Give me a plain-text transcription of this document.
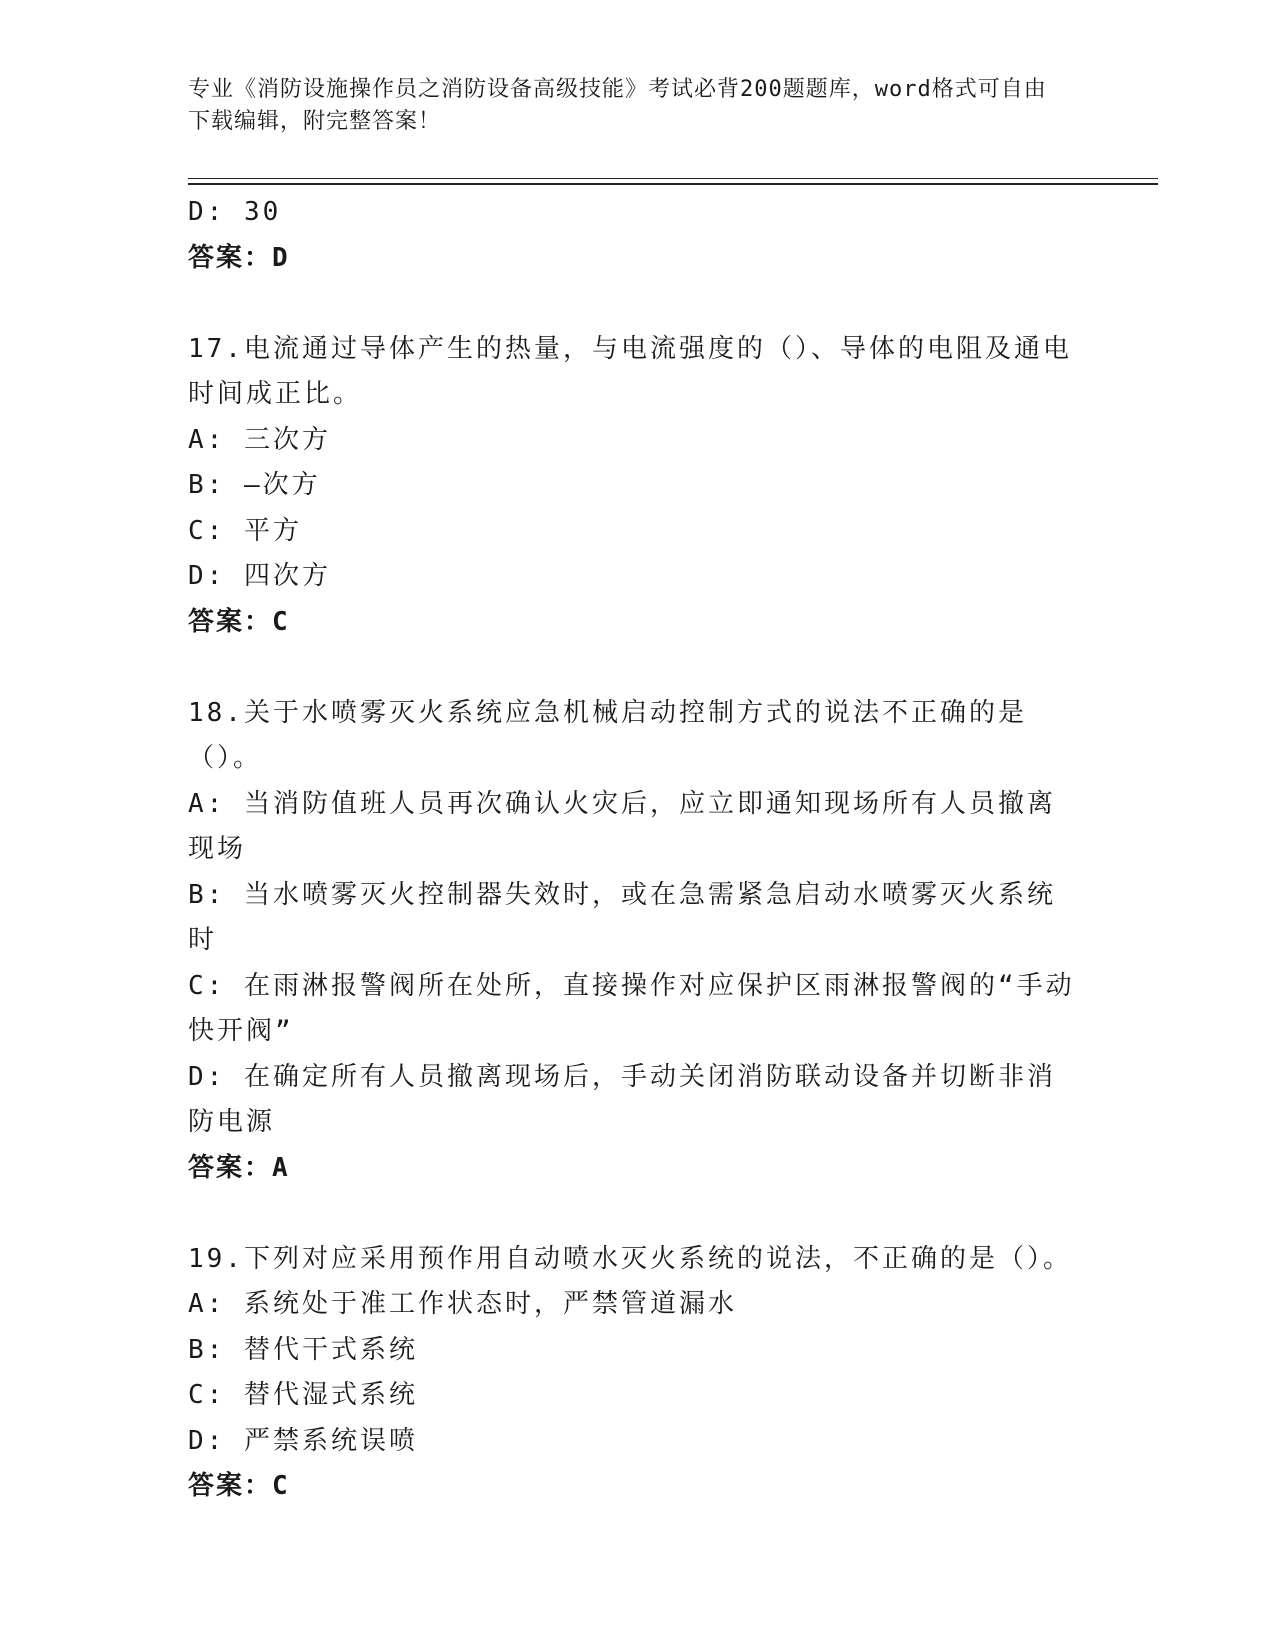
专业《消防设施操作员之消防设备高级技能》考试必背200题题库，word格式可自由下载编辑，附完整答案！
D: 30
答案：D
17.电流通过导体产生的热量，与电流强度的（）、导体的电阻及通电时间成正比。
A: 三次方
B: —次方
C: 平方
D: 四次方
答案：C
18.关于水喷雾灭火系统应急机械启动控制方式的说法不正确的是（）。
A: 当消防值班人员再次确认火灾后，应立即通知现场所有人员撤离现场
B: 当水喷雾灭火控制器失效时，或在急需紧急启动水喷雾灭火系统时
C: 在雨淋报警阀所在处所，直接操作对应保护区雨淋报警阀的“手动快开阀”
D: 在确定所有人员撤离现场后，手动关闭消防联动设备并切断非消防电源
答案：A
19.下列对应采用预作用自动喷水灭火系统的说法，不正确的是（）。
A: 系统处于准工作状态时，严禁管道漏水
B: 替代干式系统
C: 替代湿式系统
D: 严禁系统误喷
答案：C
